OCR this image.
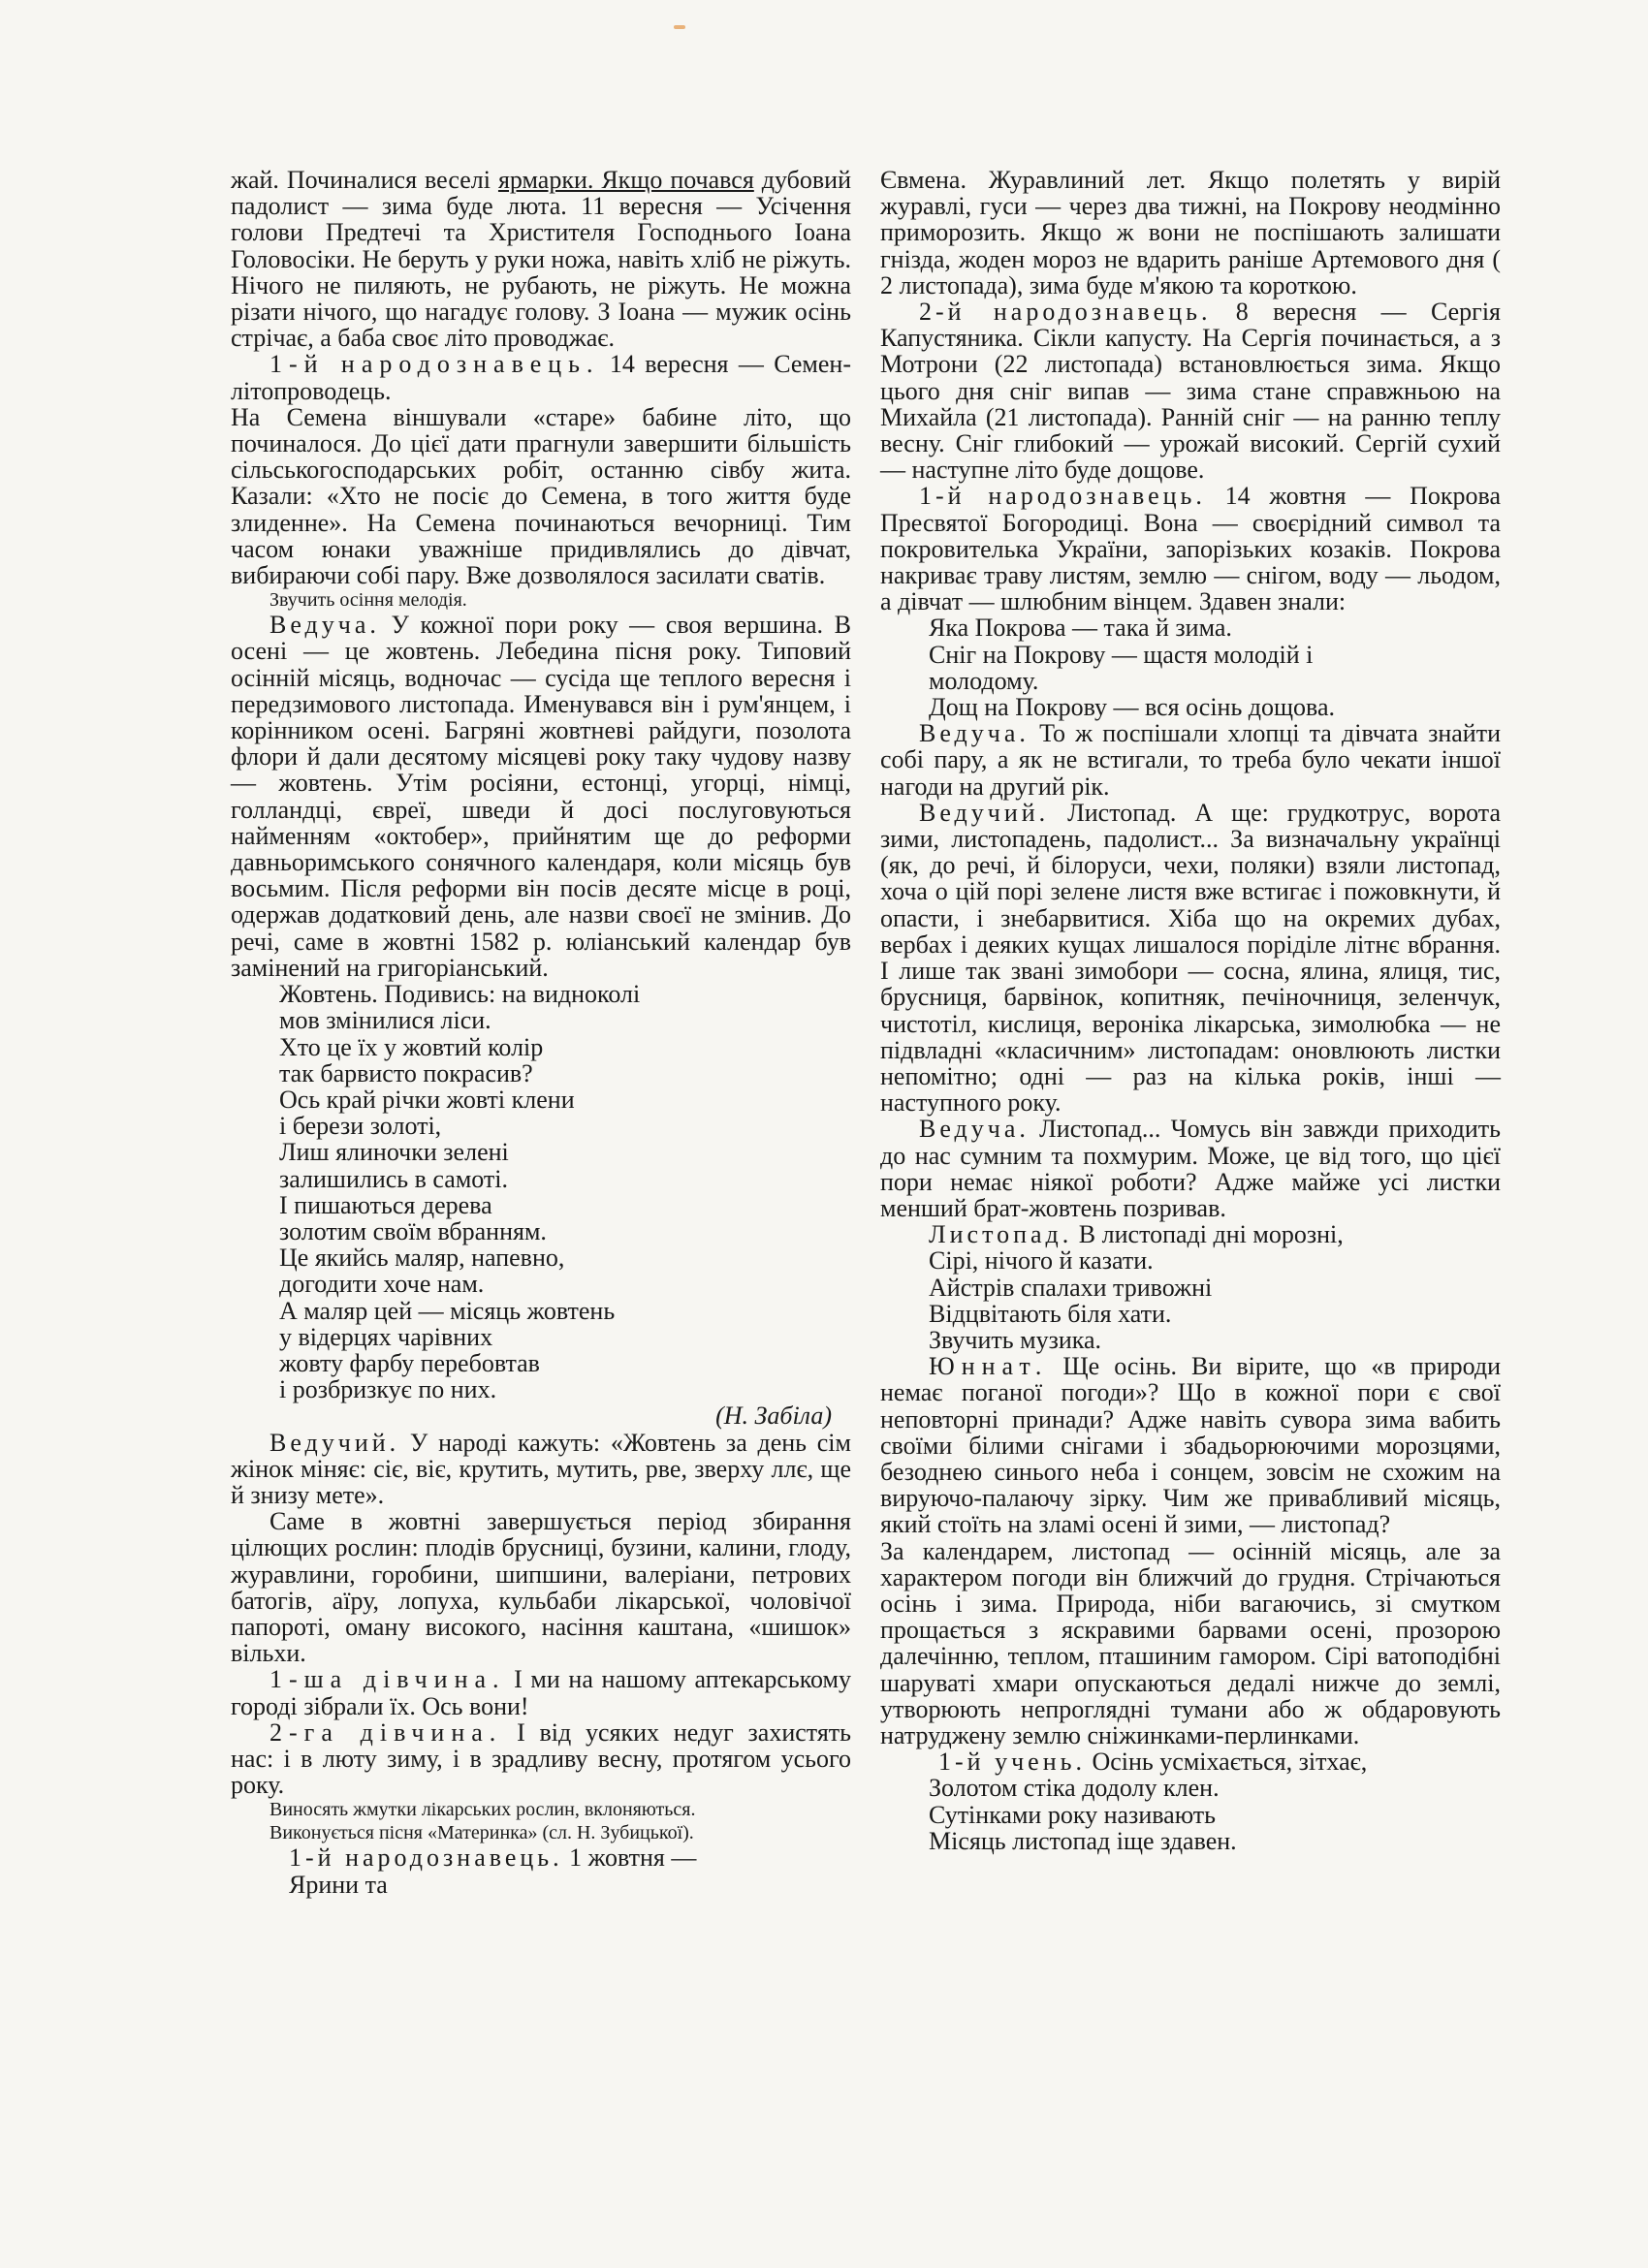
жай. Починалися веселі ярмарки. Якщо почався дубовий падолист — зима буде люта. 11 вересня — Усічення голови Предтечі та Христителя Господнього Іоана Головосіки. Не беруть у руки ножа, навіть хліб не ріжуть. Нічого не пиляють, не рубають, не ріжуть. Не можна різати нічого, що нагадує голову. З Іоана — мужик осінь стрічає, а баба своє літо проводжає.

1-й народознавець. 14 вересня — Семен-літопроводець.

На Семена віншували «старе» бабине літо, що починалося. До цієї дати прагнули завершити більшість сільськогосподарських робіт, останню сівбу жита. Казали: «Хто не посіє до Семена, в того життя буде злиденне». На Семена починаються вечорниці. Тим часом юнаки уважніше придивлялись до дівчат, вибираючи собі пару. Вже дозволялося засилати сватів.

Звучить осіння мелодія.

Ведуча. У кожної пори року — своя вершина. В осені — це жовтень. Лебедина пісня року. Типовий осінній місяць, водночас — сусіда ще теплого вересня і передзимового листопада. Именувався він і рум'янцем, і корінником осені. Багряні жовтневі райдуги, позолота флори й дали десятому місяцеві року таку чудову назву — жовтень. Утім росіяни, естонці, угорці, німці, голландці, євреї, шведи й досі послуговуються найменням «октобер», прийнятим ще до реформи давньоримського сонячного календаря, коли місяць був восьмим. Після реформи він посів десяте місце в році, одержав додатковий день, але назви своєї не змінив. До речі, саме в жовтні 1582 р. юліанський календар був замінений на григоріанський.

Жовтень. Подивись: на видноколі

мов змінилися ліси.

Хто це їх у жовтий колір

так барвисто покрасив?

Ось край річки жовті клени

і берези золоті,

Лиш ялиночки зелені

залишились в самоті.

І пишаються дерева

золотим своїм вбранням.

Це якийсь маляр, напевно,

догодити хоче нам.

А маляр цей — місяць жовтень

у відерцях чарівних

жовту фарбу перебовтав

і розбризкує по них.

(Н. Забіла)

Ведучий. У народі кажуть: «Жовтень за день сім жінок міняє: сіє, віє, крутить, мутить, рве, зверху ллє, ще й знизу мете».

Саме в жовтні завершується період збирання цілющих рослин: плодів брусниці, бузини, калини, глоду, журавлини, горобини, шипшини, валеріани, петрових батогів, аїру, лопуха, кульбаби лікарської, чоловічої папороті, оману високого, насіння каштана, «шишок» вільхи.

1-ша дівчина. І ми на нашому аптекарському городі зібрали їх. Ось вони!

2-га дівчина. І від усяких недуг захистять нас: і в люту зиму, і в зрадливу весну, протягом усього року.

Виносять жмутки лікарських рослин, вклоняються.

Виконується пісня «Материнка» (сл. Н. Зубицької).

1-й народознавець. 1 жовтня —

Ярини та

Євмена. Журавлиний лет. Якщо полетять у вирій журавлі, гуси — через два тижні, на Покрову неодмінно приморозить. Якщо ж вони не поспішають залишати гнізда, жоден мороз не вдарить раніше Артемового дня ( 2 листопада), зима буде м'якою та короткою.

2-й народознавець. 8 вересня — Сергія Капустяника. Сікли капусту. На Сергія починається, а з Мотрони (22 листопада) встановлюється зима. Якщо цього дня сніг випав — зима стане справжньою на Михайла (21 листопада). Ранній сніг — на ранню теплу весну. Сніг глибокий — урожай високий. Сергій сухий — наступне літо буде дощове.

1-й народознавець. 14 жовтня — Покрова Пресвятої Богородиці. Вона — своєрідний символ та покровителька України, запорізьких козаків. Покрова накриває траву листям, землю — снігом, воду — льодом, а дівчат — шлюбним вінцем. Здавен знали:

Яка Покрова — така й зима.

Сніг на Покрову — щастя молодій і

молодому.

Дощ на Покрову — вся осінь дощова.

Ведуча. То ж поспішали хлопці та дівчата знайти собі пару, а як не встигали, то треба було чекати іншої нагоди на другий рік.

Ведучий. Листопад. А ще: грудкотрус, ворота зими, листопадень, падолист... За визначальну українці (як, до речі, й білоруси, чехи, поляки) взяли листопад, хоча о цій порі зелене листя вже встигає і пожовкнути, й опасти, і знебарвитися. Хіба що на окремих дубах, вербах і деяких кущах лишалося поріділе літнє вбрання. І лише так звані зимобори — сосна, ялина, ялиця, тис, брусниця, барвінок, копитняк, печіночниця, зеленчук, чистотіл, кислиця, вероніка лікарська, зимолюбка — не підвладні «класичним» листопадам: оновлюють листки непомітно; одні — раз на кілька років, інші — наступного року.

Ведуча. Листопад... Чомусь він завжди приходить до нас сумним та похмурим. Може, це від того, що цієї пори немає ніякої роботи? Адже майже усі листки менший брат-жовтень позривав.

Листопад. В листопаді дні морозні,

Сірі, нічого й казати.

Айстрів спалахи тривожні

Відцвітають біля хати.

Звучить музика.

Юннат. Ще осінь. Ви вірите, що «в природи немає поганої погоди»? Що в кожної пори є свої неповторні принади? Адже навіть сувора зима вабить своїми білими снігами і збадьорюючими морозцями, безоднею синього неба і сонцем, зовсім не схожим на вируючо-палаючу зірку. Чим же привабливий місяць, який стоїть на зламі осені й зими, — листопад?

За календарем, листопад — осінній місяць, але за характером погоди він ближчий до грудня. Стрічаються осінь і зима. Природа, ніби вагаючись, зі смутком прощається з яскравими барвами осені, прозорою далечінню, теплом, пташиним гамором. Сірі ватоподібні шаруваті хмари опускаються дедалі нижче до землі, утворюють непроглядні тумани або ж обдаровують натруджену землю сніжинками-перлинками.

1-й учень. Осінь усміхається, зітхає,

Золотом стіка додолу клен.

Сутінками року називають

Місяць листопад іще здавен.
